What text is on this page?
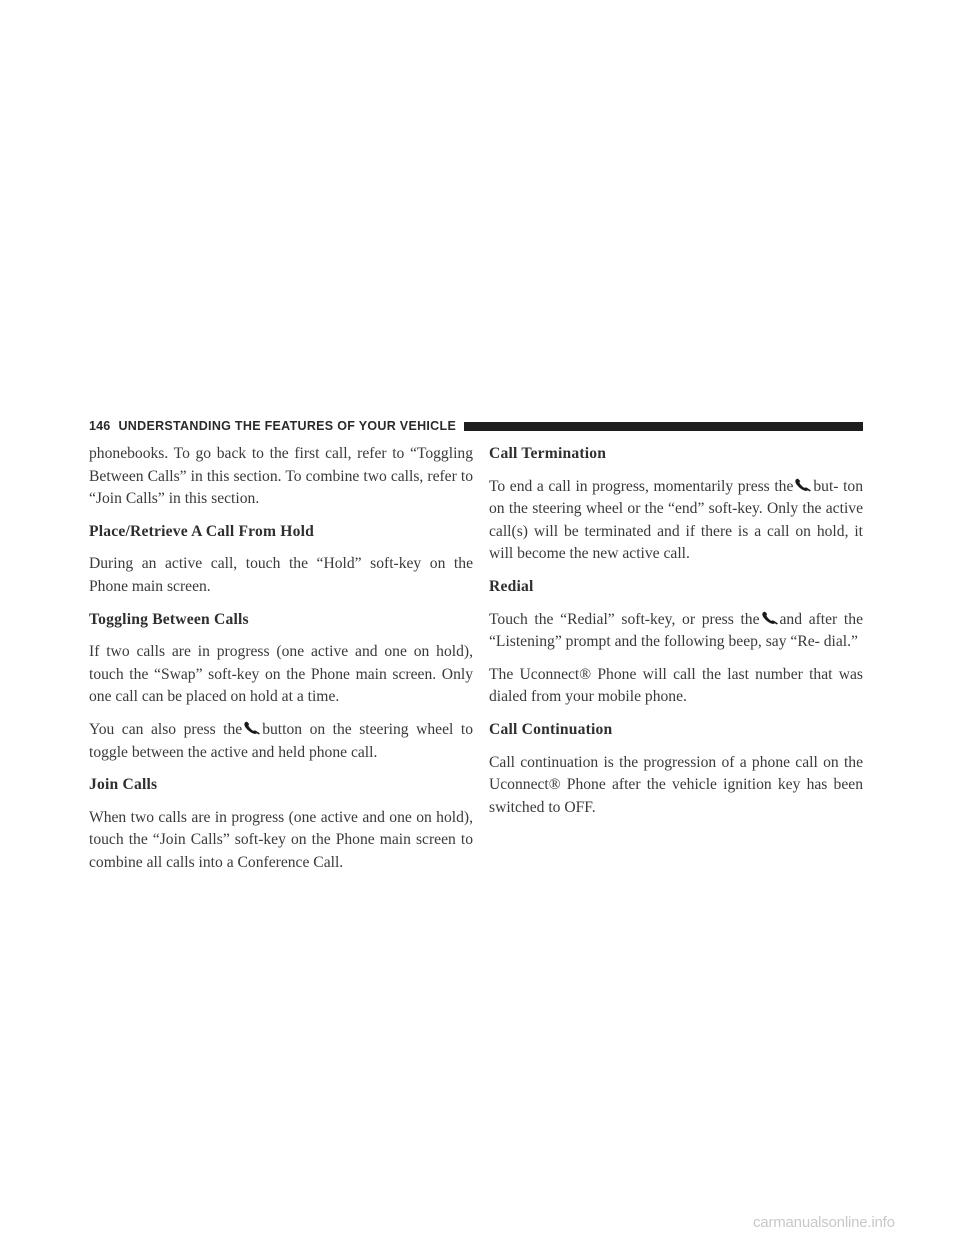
146 UNDERSTANDING THE FEATURES OF YOUR VEHICLE

phonebooks. To go back to the first call, refer to “Toggling Between Calls” in this section. To combine two calls, refer to “Join Calls” in this section.

Place/Retrieve A Call From Hold

During an active call, touch the “Hold” soft-key on the Phone main screen.

Toggling Between Calls

If two calls are in progress (one active and one on hold), touch the “Swap” soft-key on the Phone main screen. Only one call can be placed on hold at a time.

You can also press the button on the steering wheel to toggle between the active and held phone call.

Join Calls

When two calls are in progress (one active and one on hold), touch the “Join Calls” soft-key on the Phone main screen to combine all calls into a Conference Call.

Call Termination

To end a call in progress, momentarily press the but- ton on the steering wheel or the “end” soft-key. Only the active call(s) will be terminated and if there is a call on hold, it will become the new active call.

Redial

Touch the “Redial” soft-key, or press the and after the “Listening” prompt and the following beep, say “Re- dial.”

The Uconnect® Phone will call the last number that was dialed from your mobile phone.

Call Continuation

Call continuation is the progression of a phone call on the Uconnect® Phone after the vehicle ignition key has been switched to OFF.

carmanualsonline.info
